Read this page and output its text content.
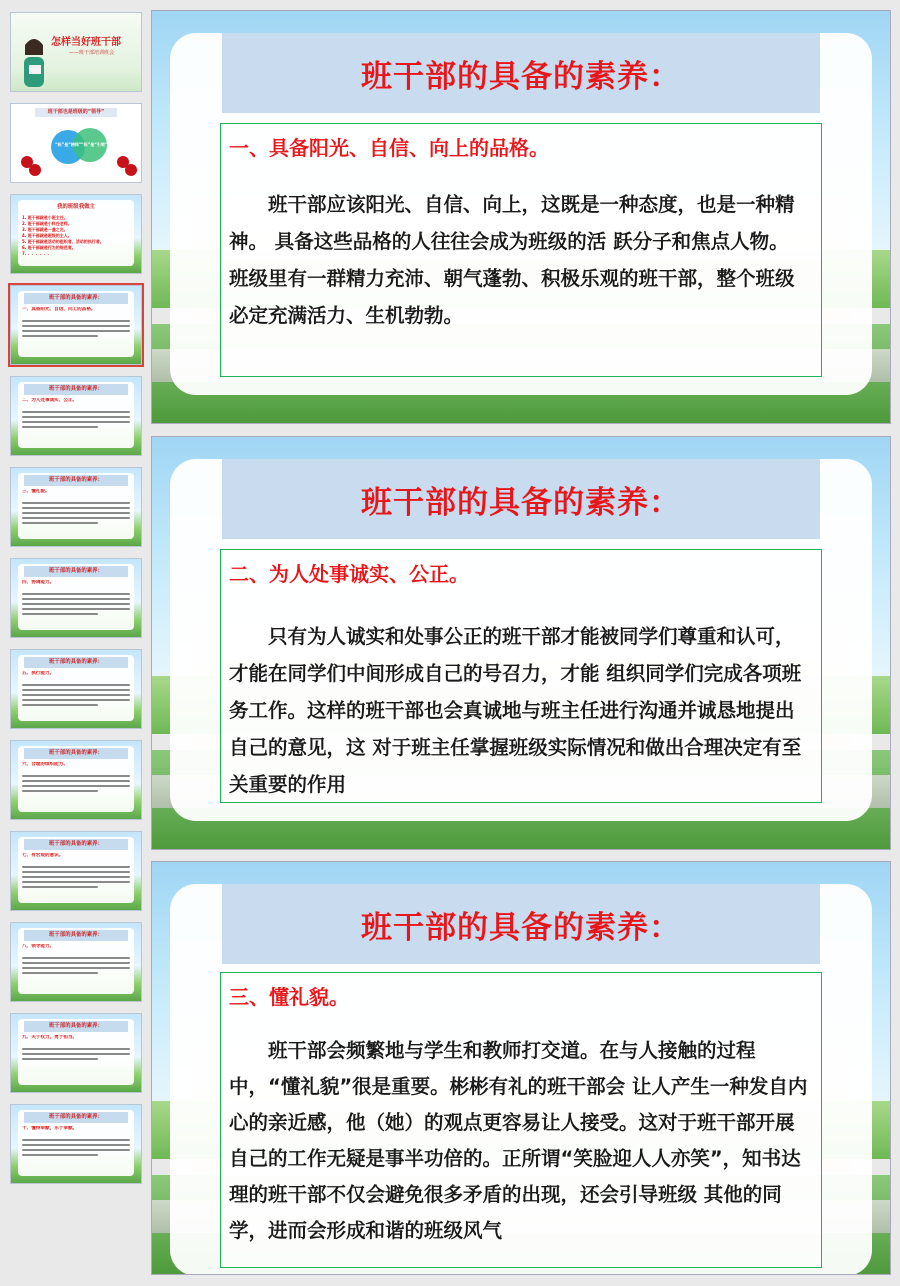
怎样当好班干部
——班干部培训班会
班干部也是班级的“领导”
“标”是“榜样” “标”是“引领”
我的班级我做主
1. 班干部就是小班主任。
2. 班干部就是小科任老师。
3. 班干部就是一盏之光。
4. 班干部就是班级的主人。
5. 班干部就是活动的组织者、活动的执行者。
6. 班干部就是行为的规范者。
7. 。。。。。。
班干部的具备的素养：
一、具备阳光、自信、向上的品格。
班干部的具备的素养：
二、为人处事诚实、公正。
班干部的具备的素养：
三、懂礼貌。
班干部的具备的素养：
四、协调能力。
班干部的具备的素养：
五、执行能力。
班干部的具备的素养：
六、合理的组织能力。
班干部的具备的素养：
七、有宏观的意识。
班干部的具备的素养：
八、领导能力。
班干部的具备的素养：
九、关于权力，勇于担当。
班干部的具备的素养：
十、懂得奉献，乐于奉献。
班干部的具备的素养：
一、具备阳光、自信、向上的品格。
班干部应该阳光、自信、向上，这既是一种态度，也是一种精神。 具备这些品格的人往往会成为班级的活 跃分子和焦点人物。 班级里有一群精力充沛、朝气蓬勃、积极乐观的班干部，整个班级必定充满活力、生机勃勃。
班干部的具备的素养：
二、为人处事诚实、公正。
只有为人诚实和处事公正的班干部才能被同学们尊重和认可，才能在同学们中间形成自己的号召力，才能 组织同学们完成各项班务工作。这样的班干部也会真诚地与班主任进行沟通并诚恳地提出自己的意见，这 对于班主任掌握班级实际情况和做出合理决定有至关重要的作用
班干部的具备的素养：
三、懂礼貌。
班干部会频繁地与学生和教师打交道。在与人接触的过程中，“懂礼貌”很是重要。彬彬有礼的班干部会 让人产生一种发自内心的亲近感，他（她）的观点更容易让人接受。这对于班干部开展自己的工作无疑是事半功倍的。正所谓“笑脸迎人人亦笑”，知书达理的班干部不仅会避免很多矛盾的出现，还会引导班级 其他的同学，进而会形成和谐的班级风气
